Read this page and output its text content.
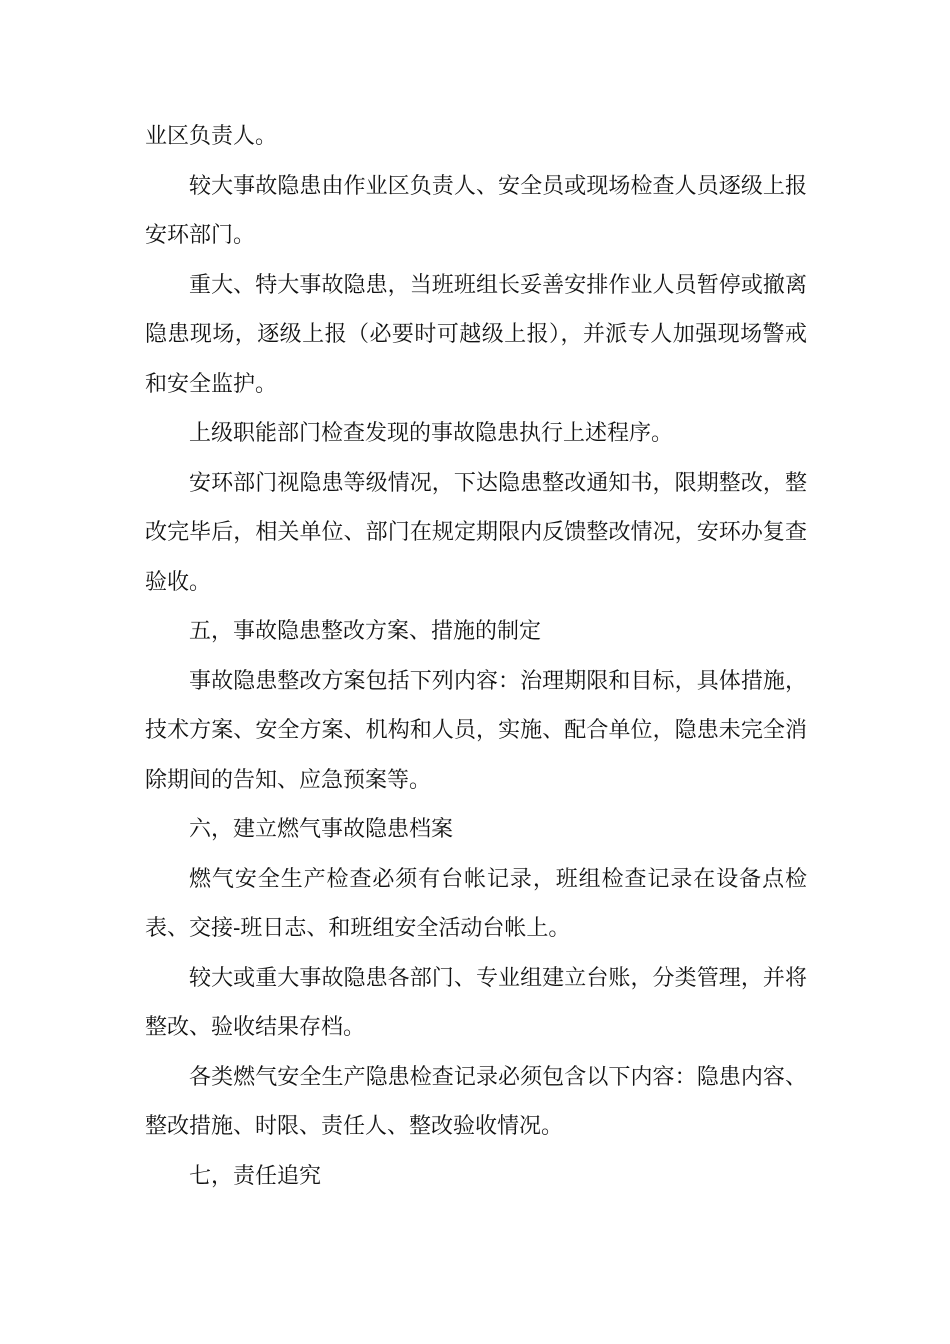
业区负责人。

较大事故隐患由作业区负责人、安全员或现场检查人员逐级上报安环部门。

重大、特大事故隐患，当班班组长妥善安排作业人员暂停或撤离隐患现场，逐级上报（必要时可越级上报），并派专人加强现场警戒和安全监护。

上级职能部门检查发现的事故隐患执行上述程序。

安环部门视隐患等级情况，下达隐患整改通知书，限期整改，整改完毕后，相关单位、部门在规定期限内反馈整改情况，安环办复查验收。

五，事故隐患整改方案、措施的制定

事故隐患整改方案包括下列内容：治理期限和目标，具体措施，技术方案、安全方案、机构和人员，实施、配合单位，隐患未完全消除期间的告知、应急预案等。

六，建立燃气事故隐患档案

燃气安全生产检查必须有台帐记录，班组检查记录在设备点检表、交接-班日志、和班组安全活动台帐上。

较大或重大事故隐患各部门、专业组建立台账，分类管理，并将整改、验收结果存档。

各类燃气安全生产隐患检查记录必须包含以下内容：隐患内容、整改措施、时限、责任人、整改验收情况。

七，责任追究
